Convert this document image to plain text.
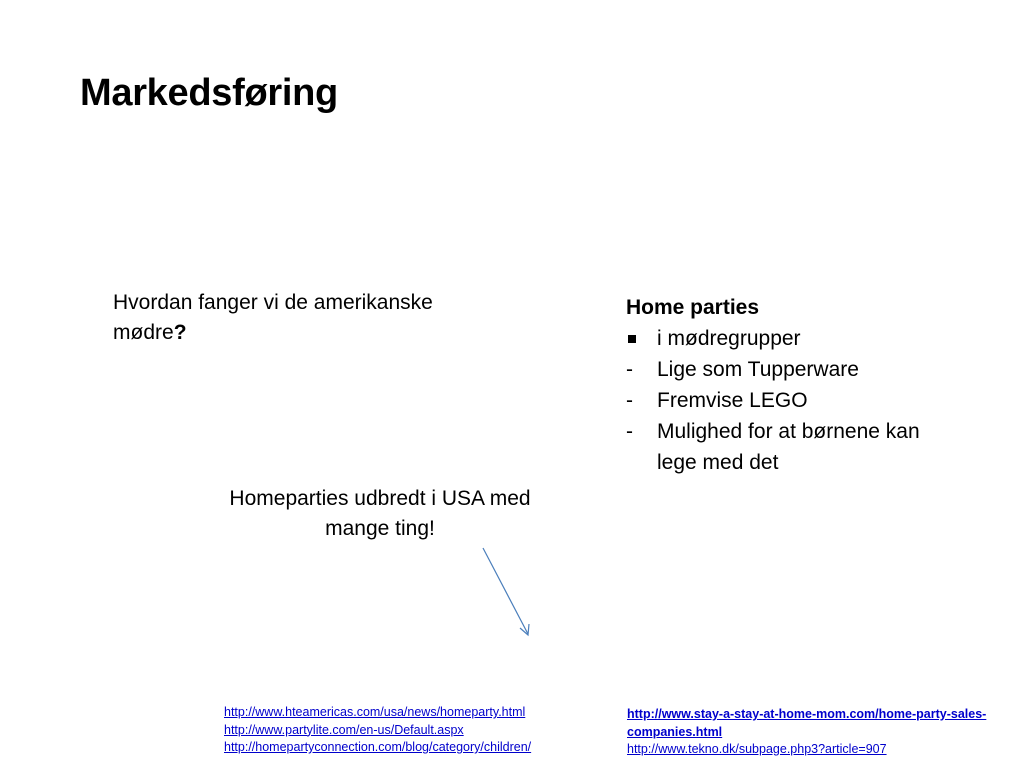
Markedsføring
Hvordan fanger vi de amerikanske mødre?
Home parties
i mødregrupper
-	Lige som Tupperware
-	Fremvise LEGO
-	Mulighed for at børnene kan lege med det
Homeparties udbredt i USA med mange ting!
http://www.hteamericas.com/usa/news/homeparty.html
http://www.partylite.com/en-us/Default.aspx
http://homepartyconnection.com/blog/category/children/
http://www.stay-a-stay-at-home-mom.com/home-party-sales-companies.html
http://www.tekno.dk/subpage.php3?article=907
